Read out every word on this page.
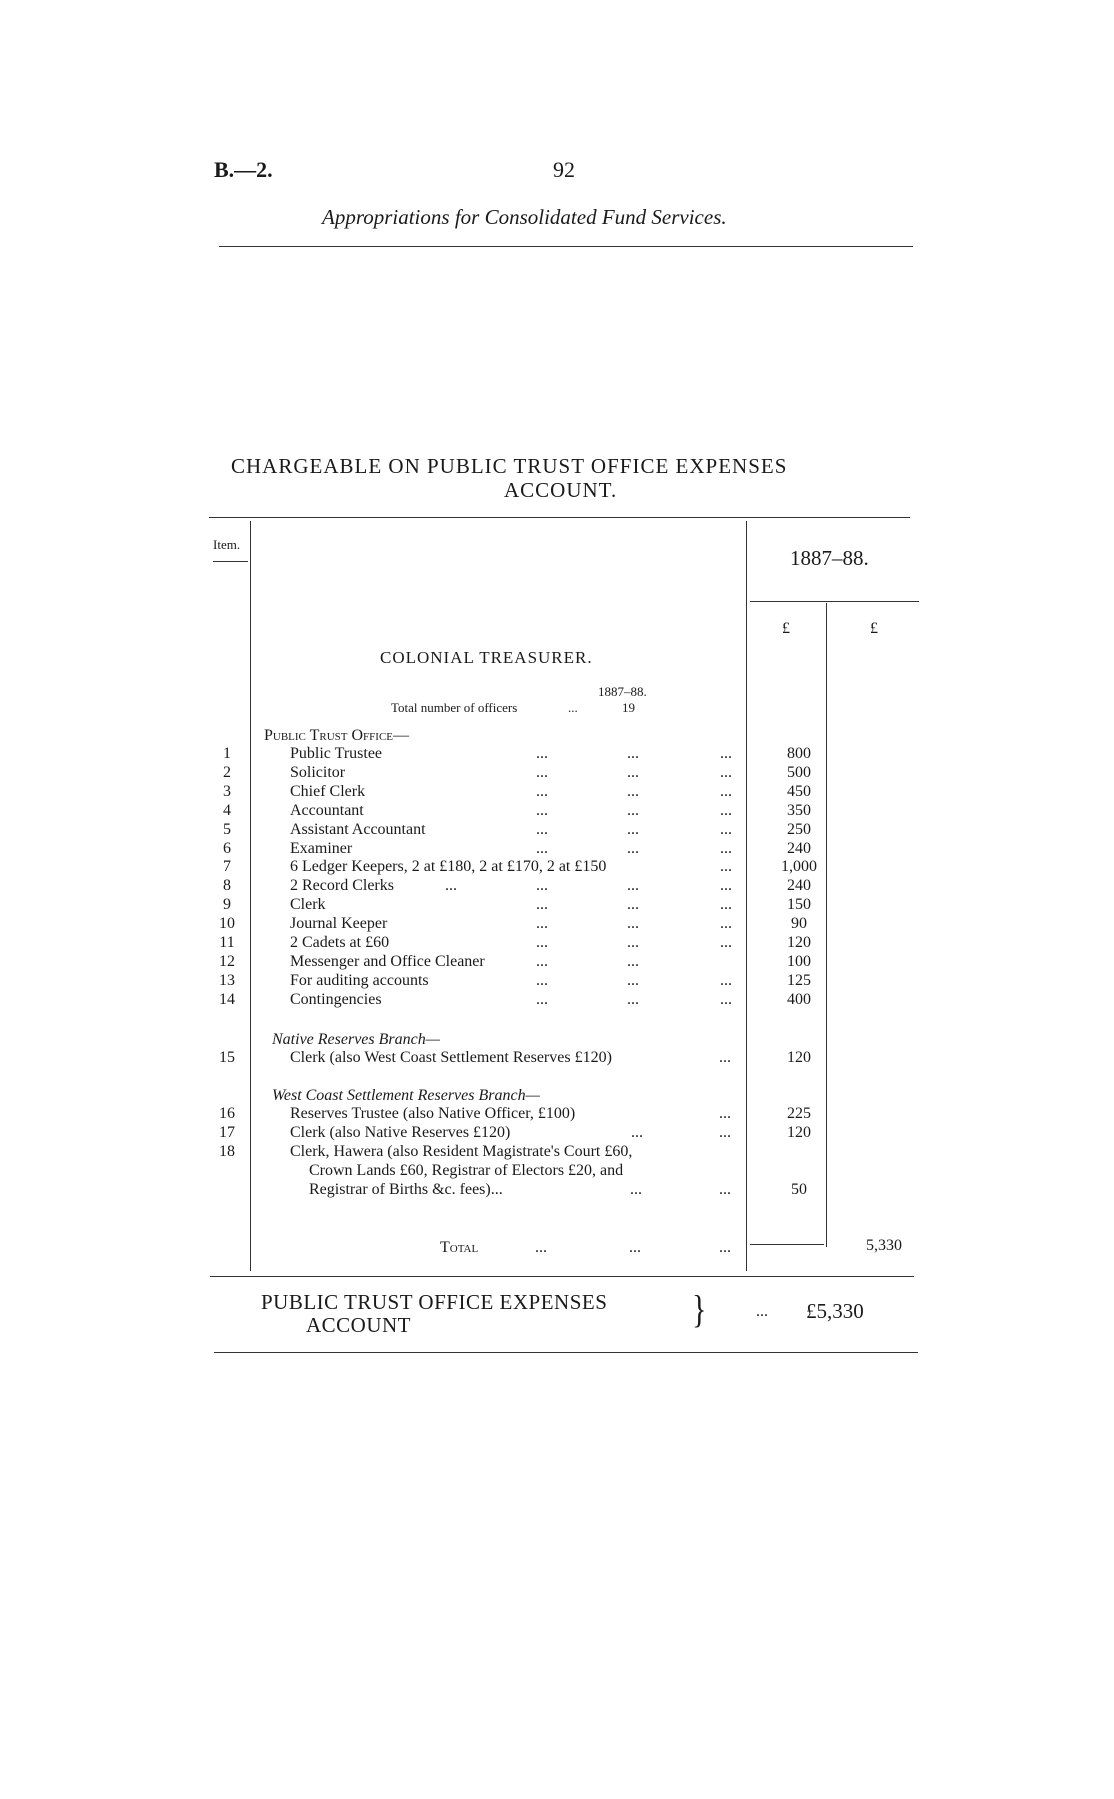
B.—2.	92
Appropriations for Consolidated Fund Services.
CHARGEABLE ON PUBLIC TRUST OFFICE EXPENSES
ACCOUNT.
Item.
1887–88.
£	£
COLONIAL TREASURER.
1887–88.
Total number of officers	...	19
Public Trust Office—
1	Public Trustee	...	...	...	800
2	Solicitor	...	...	...	500
3	Chief Clerk	...	...	...	450
4	Accountant	...	...	...	350
5	Assistant Accountant	...	...	...	250
6	Examiner	...	...	...	240
7	6 Ledger Keepers, 2 at £180, 2 at £170, 2 at £150	...	1,000
8	2 Record Clerks	...	...	...	...	240
9	Clerk	...	...	...	150
10	Journal Keeper	...	...	...	90
11	2 Cadets at £60	...	...	...	120
12	Messenger and Office Cleaner	...	...	100
13	For auditing accounts	...	...	...	125
14	Contingencies	...	...	...	400
Native Reserves Branch—
15	Clerk (also West Coast Settlement Reserves £120)	...	120
West Coast Settlement Reserves Branch—
16	Reserves Trustee (also Native Officer, £100)	...	225
17	Clerk (also Native Reserves £120)	...	...	120
18	Clerk, Hawera (also Resident Magistrate's Court £60,
Crown Lands £60, Registrar of Electors £20, and
Registrar of Births &c. fees)...	...	...	50
Total	...	...	...	5,330
PUBLIC TRUST OFFICE EXPENSES
ACCOUNT	}	... £5,330
